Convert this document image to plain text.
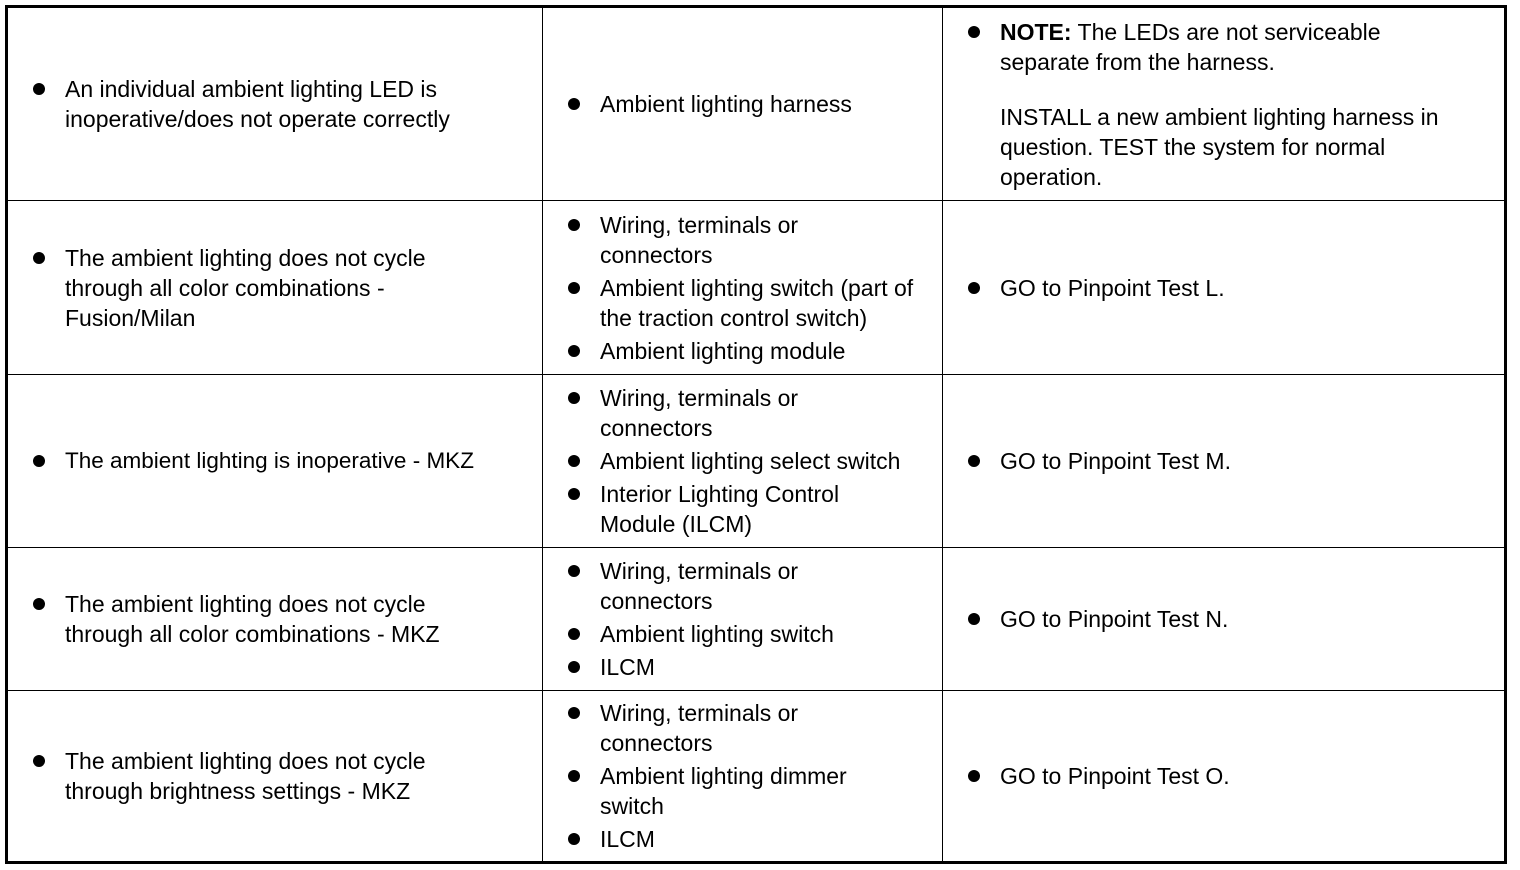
An individual ambient lighting LED is inoperative/does not operate correctly

Ambient lighting harness

NOTE: The LEDs are not serviceable separate from the harness.
INSTALL a new ambient lighting harness in question. TEST the system for normal operation.

The ambient lighting does not cycle through all color combinations - Fusion/Milan

Wiring, terminals or connectors

Ambient lighting switch (part of the traction control switch)

Ambient lighting module

GO to Pinpoint Test L.

The ambient lighting is inoperative - MKZ

Wiring, terminals or connectors

Ambient lighting select switch

Interior Lighting Control Module (ILCM)

GO to Pinpoint Test M.

The ambient lighting does not cycle through all color combinations - MKZ

Wiring, terminals or connectors

Ambient lighting switch

ILCM

GO to Pinpoint Test N.

The ambient lighting does not cycle through brightness settings - MKZ

Wiring, terminals or connectors

Ambient lighting dimmer switch

ILCM

GO to Pinpoint Test O.
